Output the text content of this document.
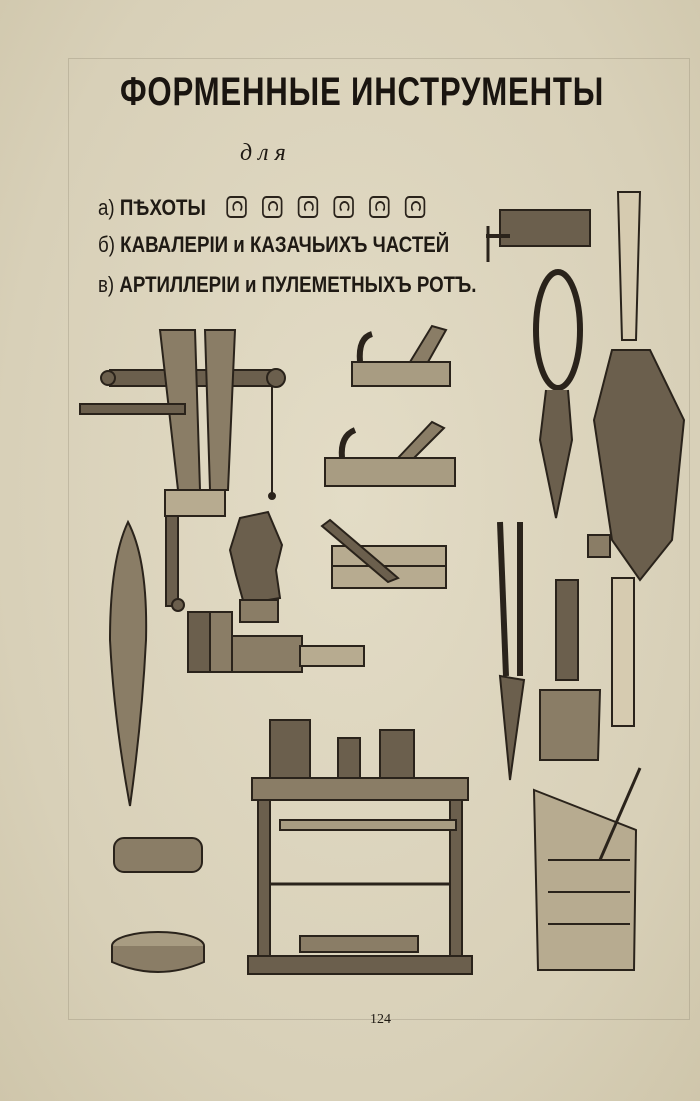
ФОРМЕННЫЕ ИНСТРУМЕНТЫ
для
а) ПѢХОТЫ
б) КАВАЛЕРІИ и КАЗАЧЬИХЪ ЧАСТЕЙ
в) АРТИЛЛЕРІИ и ПУЛЕМЕТНЫХЪ РОТЪ.
124
